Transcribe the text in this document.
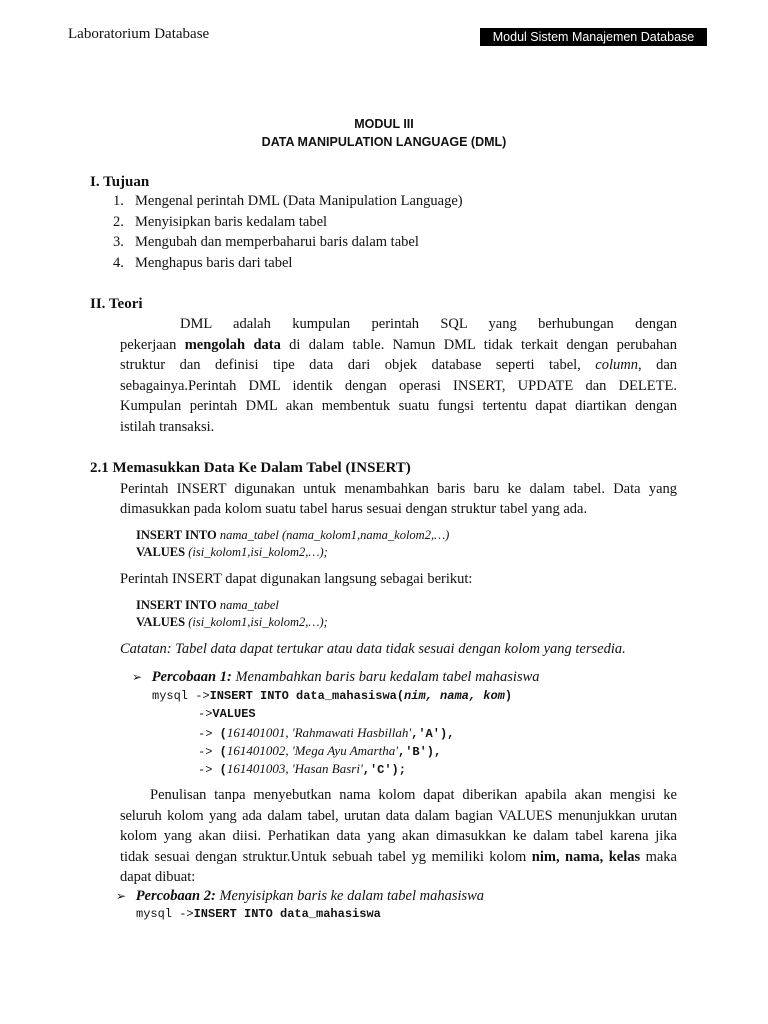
Laboratorium Database	Modul Sistem Manajemen Database
MODUL III
DATA MANIPULATION LANGUAGE (DML)
I. Tujuan
1. Mengenal perintah DML (Data Manipulation Language)
2. Menyisipkan baris kedalam tabel
3. Mengubah dan memperbaharui baris dalam tabel
4. Menghapus baris dari tabel
II. Teori
DML adalah kumpulan perintah SQL yang berhubungan dengan
pekerjaan mengolah data di dalam table. Namun DML tidak terkait dengan perubahan
struktur dan definisi tipe data dari objek database seperti tabel, column, dan
sebagainya.Perintah DML identik dengan operasi INSERT, UPDATE dan DELETE.
Kumpulan perintah DML akan membentuk suatu fungsi tertentu dapat diartikan dengan
istilah transaksi.
2.1 Memasukkan Data Ke Dalam Tabel (INSERT)
Perintah INSERT digunakan untuk menambahkan baris baru ke dalam tabel. Data yang
dimasukkan pada kolom suatu tabel harus sesuai dengan struktur tabel yang ada.
INSERT INTO nama_tabel (nama_kolom1,nama_kolom2,…)
VALUES (isi_kolom1,isi_kolom2,…);
Perintah INSERT dapat digunakan langsung sebagai berikut:
INSERT INTO nama_tabel
VALUES (isi_kolom1,isi_kolom2,…);
Catatan: Tabel data dapat tertukar atau data tidak sesuai dengan kolom yang tersedia.
➢ Percobaan 1: Menambahkan baris baru kedalam tabel mahasiswa
mysql ->INSERT INTO data_mahasiswa(nim, nama, kom)
->VALUES
-> (161401001, 'Rahmawati Hasbillah','A'),
-> (161401002, 'Mega Ayu Amartha','B'),
-> (161401003, 'Hasan Basri','C');
Penulisan tanpa menyebutkan nama kolom dapat diberikan apabila akan mengisi ke
seluruh kolom yang ada dalam tabel, urutan data dalam bagian VALUES menunjukkan urutan
kolom yang akan diisi. Perhatikan data yang akan dimasukkan ke dalam tabel karena jika
tidak sesuai dengan struktur.Untuk sebuah tabel yg memiliki kolom nim, nama, kelas maka
dapat dibuat:
➢ Percobaan 2: Menyisipkan baris ke dalam tabel mahasiswa
mysql ->INSERT INTO data_mahasiswa
